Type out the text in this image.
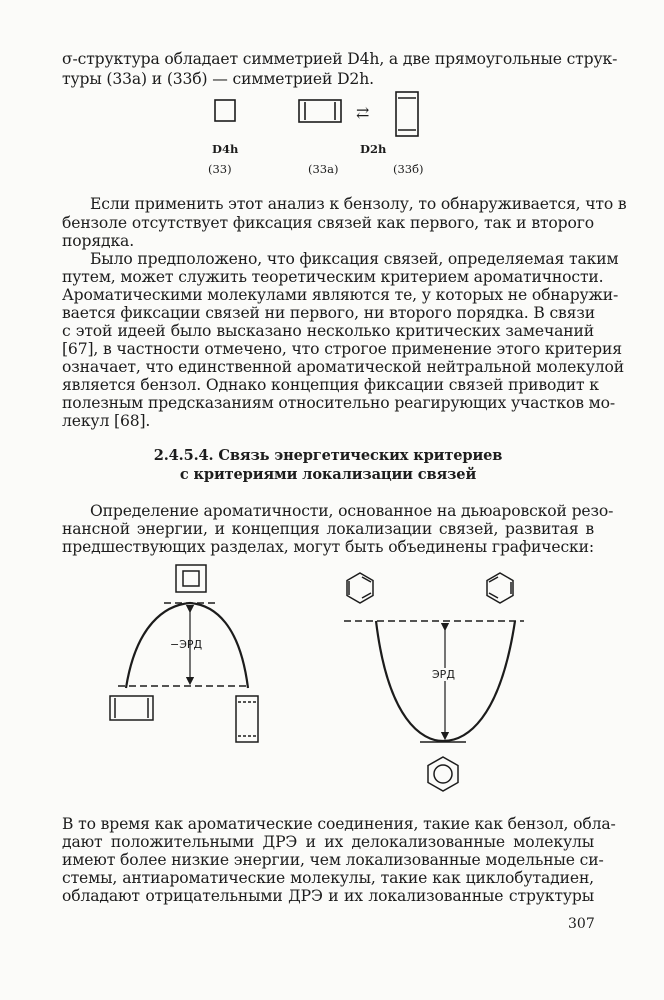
σ-структура обладает симметрией D4h, а две прямоугольные струк-
туры (33а) и (33б) — симметрией D2h.
⇄
D4h	D2h
(33)	(33а)	(33б)
Если применить этот анализ к бензолу, то обнаруживается, что в
бензоле отсутствует фиксация связей как первого, так и второго
порядка.
Было предположено, что фиксация связей, определяемая таким
путем, может служить теоретическим критерием ароматичности.
Ароматическими молекулами являются те, у которых не обнаружи-
вается фиксации связей ни первого, ни второго порядка. В связи
с этой идеей было высказано несколько критических замечаний
[67], в частности отмечено, что строгое применение этого критерия
означает, что единственной ароматической нейтральной молекулой
является бензол. Однако концепция фиксации связей приводит к
полезным предсказаниям относительно реагирующих участков мо-
лекул [68].
2.4.5.4. Связь энергетических критериев
с критериями локализации связей
Определение ароматичности, основанное на дьюаровской резо-
нансной энергии, и концепция локализации связей, развитая в
предшествующих разделах, могут быть объединены графически:
−ЭРД
ЭРД
В то время как ароматические соединения, такие как бензол, обла-
дают положительными ДРЭ и их делокализованные молекулы
имеют более низкие энергии, чем локализованные модельные си-
стемы, антиароматические молекулы, такие как циклобутадиен,
обладают отрицательными ДРЭ и их локализованные структуры
307
